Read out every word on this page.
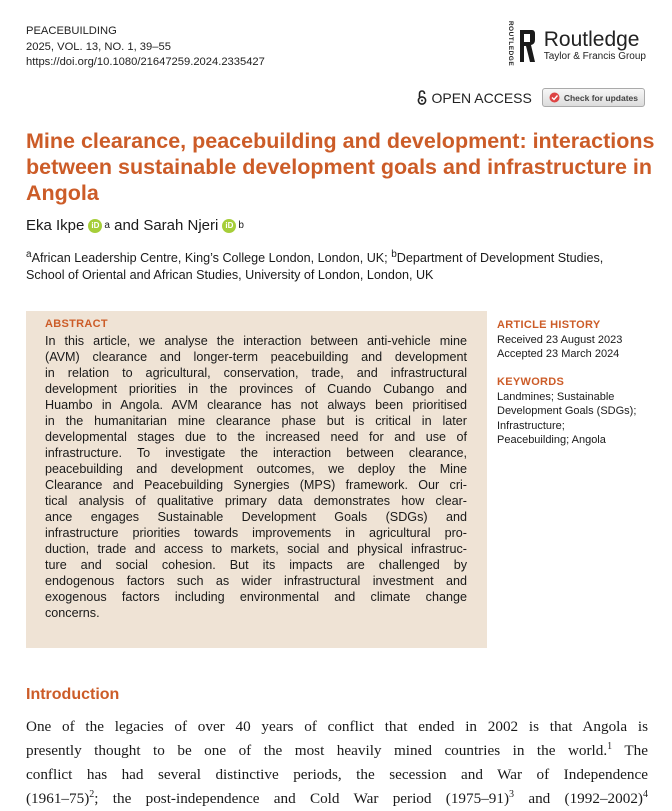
PEACEBUILDING
2025, VOL. 13, NO. 1, 39–55
https://doi.org/10.1080/21647259.2024.2335427	ROUTLEDGE Routledge
Taylor & Francis Group
OPEN ACCESS	Check for updates
Mine clearance, peacebuilding and development: interactions
between sustainable development goals and infrastructure in
Angola
Eka Ikpe iD a and Sarah Njeri iD b
$^a$African Leadership Centre, King’s College London, London, UK; $^b$Department of Development Studies,
School of Oriental and African Studies, University of London, London, UK
ABSTRACT
In this article, we analyse the interaction between anti-vehicle mine
(AVM) clearance and longer-term peacebuilding and development
in relation to agricultural, conservation, trade, and infrastructural
development priorities in the provinces of Cuando Cubango and
Huambo in Angola. AVM clearance has not always been prioritised
in the humanitarian mine clearance phase but is critical in later
developmental stages due to the increased need for and use of
infrastructure. To investigate the interaction between clearance,
peacebuilding and development outcomes, we deploy the Mine
Clearance and Peacebuilding Synergies (MPS) framework. Our cri-
tical analysis of qualitative primary data demonstrates how clear-
ance engages Sustainable Development Goals (SDGs) and
infrastructure priorities towards improvements in agricultural pro-
duction, trade and access to markets, social and physical infrastruc-
ture and social cohesion. But its impacts are challenged by
endogenous factors such as wider infrastructural investment and
exogenous factors including environmental and climate change
concerns.
ARTICLE HISTORY
Received 23 August 2023
Accepted 23 March 2024
KEYWORDS
Landmines; Sustainable
Development Goals (SDGs);
Infrastructure;
Peacebuilding; Angola
Introduction
One of the legacies of over 40 years of conflict that ended in 2002 is that Angola is
presently thought to be one of the most heavily mined countries in the world.$^1$ The
conflict has had several distinctive periods, the secession and War of Independence
(1961–75)$^2$; the post-independence and Cold War period (1975–91)$^3$ and (1992–2002)$^4$
